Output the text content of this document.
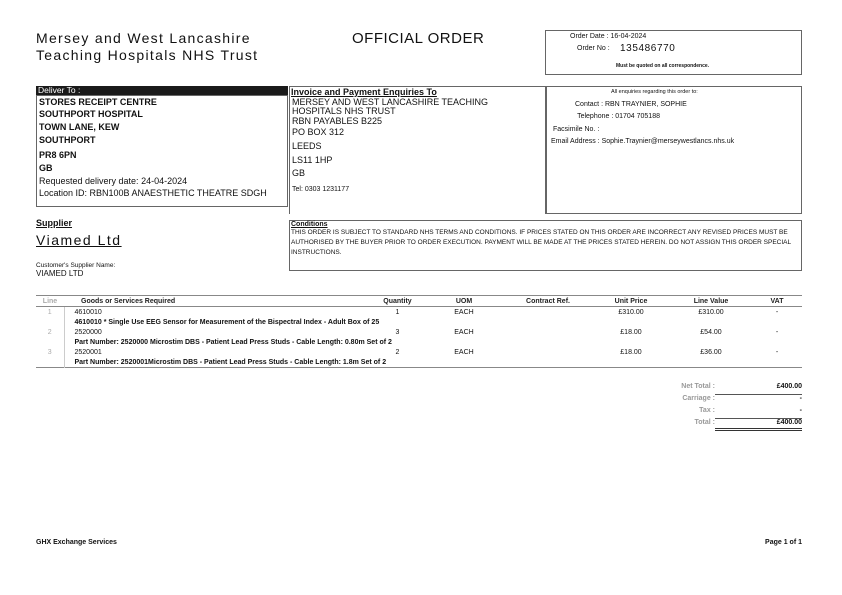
Mersey and West Lancashire
Teaching Hospitals NHS Trust
OFFICIAL ORDER	Order Date : 16-04-2024
Order No : 135486770
Must be quoted on all correspondence.
Deliver To :
STORES RECEIPT CENTRE
SOUTHPORT HOSPITAL
TOWN LANE, KEW
SOUTHPORT
PR8 6PN
GB
Requested delivery date: 24-04-2024
Location ID: RBN100B ANAESTHETIC THEATRE SDGH
Invoice and Payment Enquiries To
MERSEY AND WEST LANCASHIRE TEACHING
HOSPITALS NHS TRUST
RBN PAYABLES B225
PO BOX 312
LEEDS
LS11 1HP
GB
Tel: 0303 1231177
All enquiries regarding this order to:
Contact : RBN TRAYNIER, SOPHIE
Telephone : 01704 705188
Facsimile No. :
Email Address : Sophie.Traynier@merseywestlancs.nhs.uk
Supplier
Viamed Ltd
Customer's Supplier Name:
VIAMED LTD
Conditions
THIS ORDER IS SUBJECT TO STANDARD NHS TERMS AND CONDITIONS. IF PRICES STATED ON THIS ORDER ARE INCORRECT ANY REVISED PRICES MUST BE AUTHORISED BY THE BUYER PRIOR TO ORDER EXECUTION. PAYMENT WILL BE MADE AT THE PRICES STATED HEREIN. DO NOT ASSIGN THIS ORDER SPECIAL INSTRUCTIONS.
Line	Goods or Services Required	Quantity	UOM	Contract Ref.	Unit Price	Line Value	VAT
1	4610010	1	EACH		£310.00	£310.00	-
	4610010 * Single Use EEG Sensor for Measurement of the Bispectral Index - Adult Box of 25						
2	2520000	3	EACH		£18.00	£54.00	-
	Part Number: 2520000 Microstim DBS - Patient Lead Press Studs - Cable Length: 0.80m Set of 2						
3	2520001	2	EACH		£18.00	£36.00	-
	Part Number: 2520001Microstim DBS - Patient Lead Press Studs - Cable Length: 1.8m Set of 2						
Net Total :	£400.00
Carriage :	-
Tax :	-
Total :	£400.00
GHX Exchange Services	Page 1 of 1
